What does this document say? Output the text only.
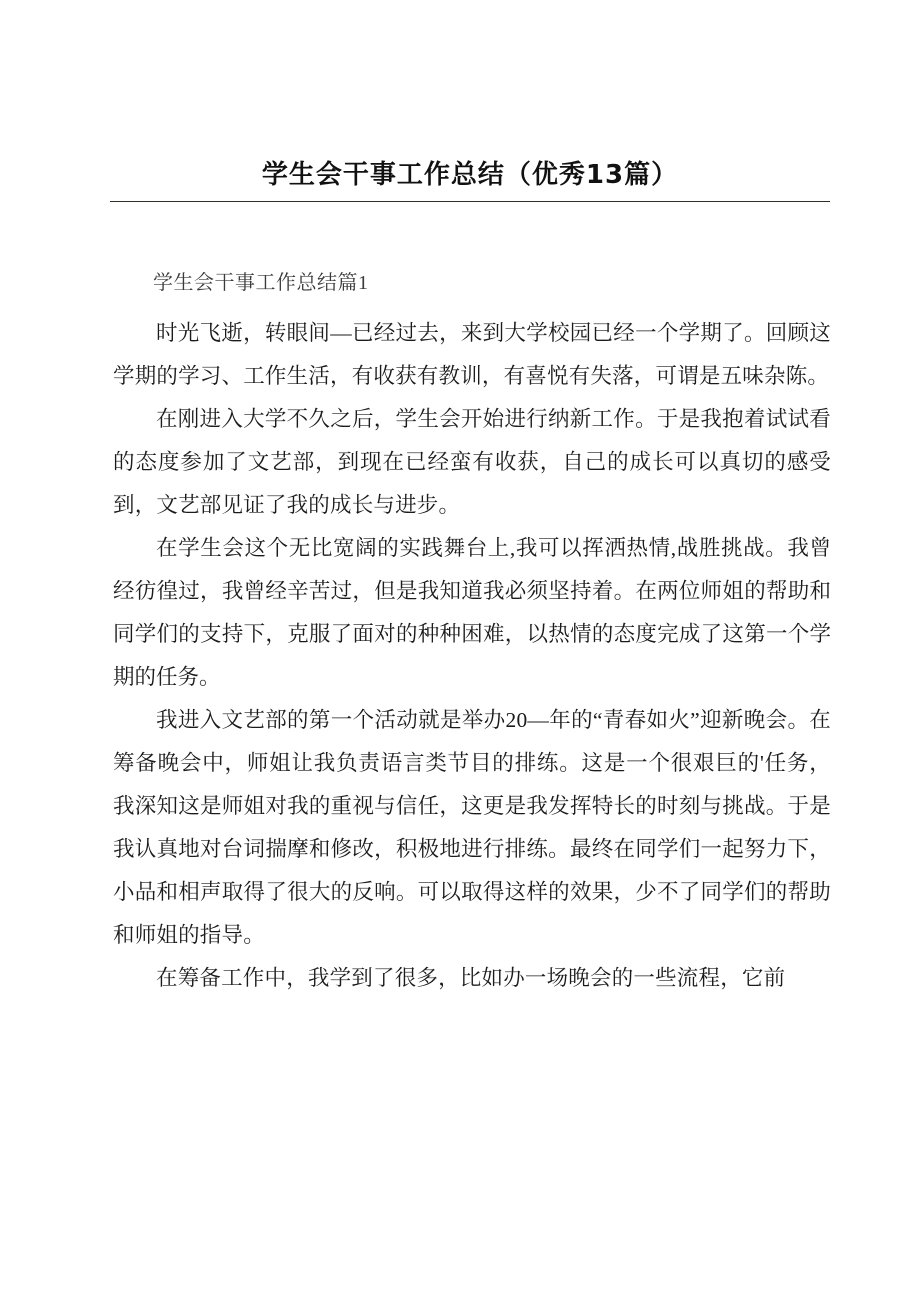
学生会干事工作总结（优秀13篇）
学生会干事工作总结篇1

时光飞逝，转眼间—已经过去，来到大学校园已经一个学期了。回顾这学期的学习、工作生活，有收获有教训，有喜悦有失落，可谓是五味杂陈。

在刚进入大学不久之后，学生会开始进行纳新工作。于是我抱着试试看的态度参加了文艺部，到现在已经蛮有收获，自己的成长可以真切的感受到，文艺部见证了我的成长与进步。

在学生会这个无比宽阔的实践舞台上,我可以挥洒热情,战胜挑战。我曾经彷徨过，我曾经辛苦过，但是我知道我必须坚持着。在两位师姐的帮助和同学们的支持下，克服了面对的种种困难，以热情的态度完成了这第一个学期的任务。

我进入文艺部的第一个活动就是举办20—年的“青春如火”迎新晚会。在筹备晚会中，师姐让我负责语言类节目的排练。这是一个很艰巨的'任务，我深知这是师姐对我的重视与信任，这更是我发挥特长的时刻与挑战。于是我认真地对台词揣摩和修改，积极地进行排练。最终在同学们一起努力下，小品和相声取得了很大的反响。可以取得这样的效果，少不了同学们的帮助和师姐的指导。

在筹备工作中，我学到了很多，比如办一场晚会的一些流程，它前
